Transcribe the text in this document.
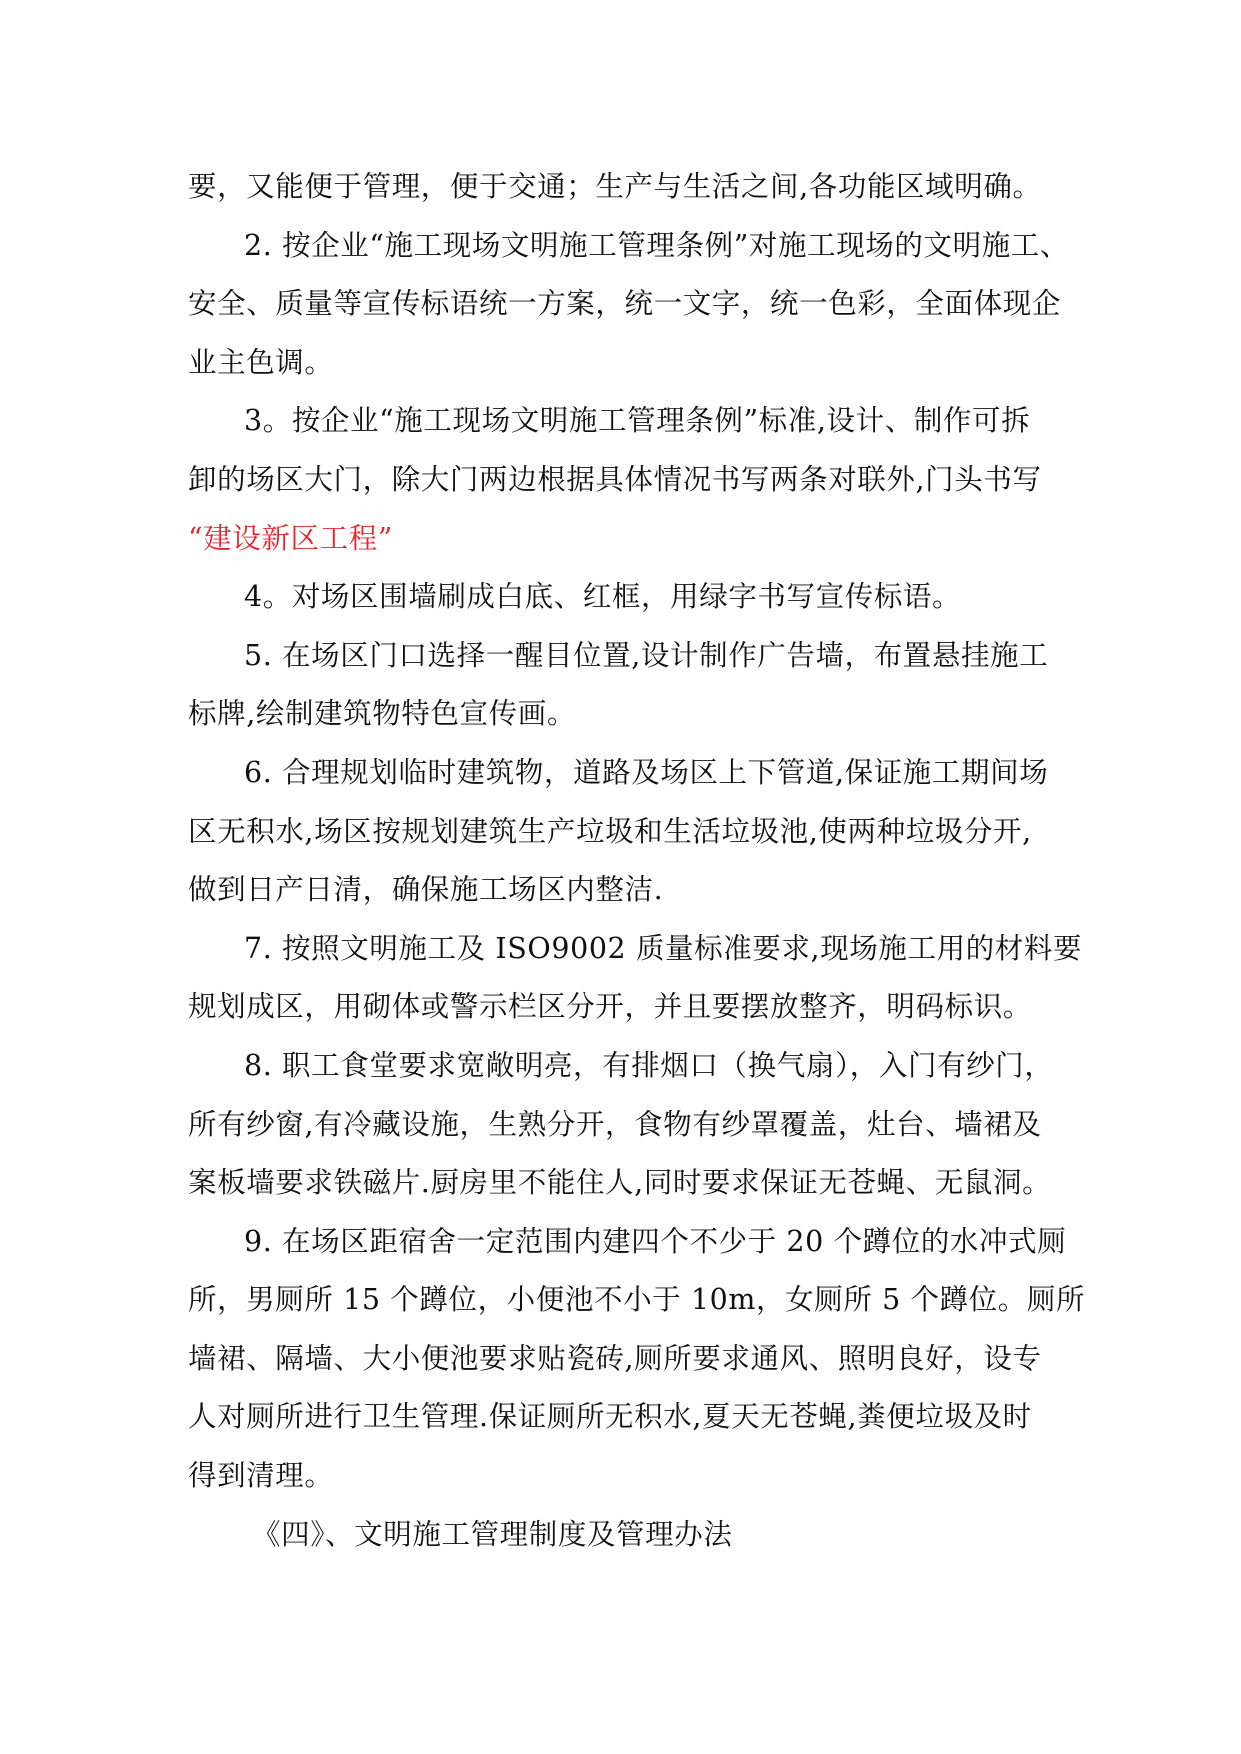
要，又能便于管理，便于交通；生产与生活之间,各功能区域明确。
2. 按企业“施工现场文明施工管理条例”对施工现场的文明施工、
安全、质量等宣传标语统一方案，统一文字，统一色彩，全面体现企
业主色调。
3。按企业“施工现场文明施工管理条例”标准,设计、制作可拆
卸的场区大门，除大门两边根据具体情况书写两条对联外,门头书写
“建设新区工程”
4。对场区围墙刷成白底、红框，用绿字书写宣传标语。
5. 在场区门口选择一醒目位置,设计制作广告墙，布置悬挂施工
标牌,绘制建筑物特色宣传画。
6. 合理规划临时建筑物，道路及场区上下管道,保证施工期间场
区无积水,场区按规划建筑生产垃圾和生活垃圾池,使两种垃圾分开,
做到日产日清，确保施工场区内整洁.
7. 按照文明施工及 ISO9002 质量标准要求,现场施工用的材料要
规划成区，用砌体或警示栏区分开，并且要摆放整齐，明码标识。
8. 职工食堂要求宽敞明亮，有排烟口（换气扇），入门有纱门，
所有纱窗,有冷藏设施，生熟分开，食物有纱罩覆盖，灶台、墙裙及
案板墙要求铁磁片.厨房里不能住人,同时要求保证无苍蝇、无鼠洞。
9. 在场区距宿舍一定范围内建四个不少于 20 个蹲位的水冲式厕
所，男厕所 15 个蹲位，小便池不小于 10m，女厕所 5 个蹲位。厕所
墙裙、隔墙、大小便池要求贴瓷砖,厕所要求通风、照明良好，设专
人对厕所进行卫生管理.保证厕所无积水,夏天无苍蝇,粪便垃圾及时
得到清理。
《四》、文明施工管理制度及管理办法
